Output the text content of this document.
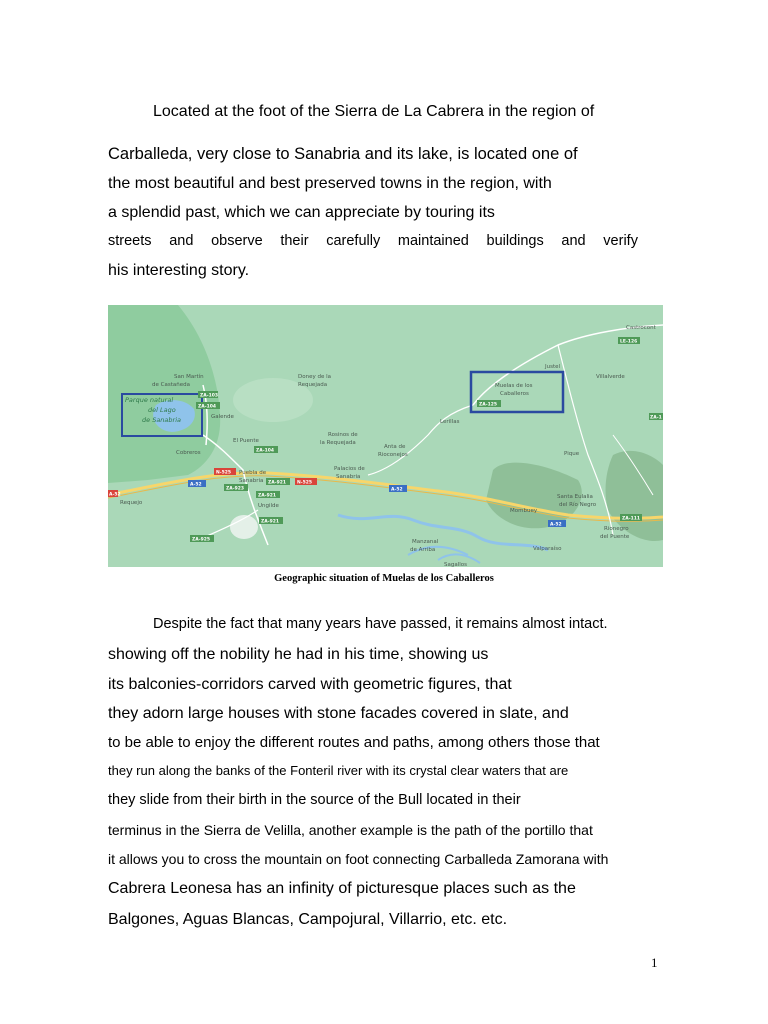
Located at the foot of the Sierra de La Cabrera in the region of
Carballeda, very close to Sanabria and its lake, is located one of
the most beautiful and best preserved towns in the region, with
a splendid past, which we can appreciate by touring its
streets and observe their carefully maintained buildings and verify
his interesting story.
San Martín
de Castañeda
Parque natural
del Lago
de Sanabria	Galende
El Puente
Cobreros
Puebla de
Sanabria
Requejo	Ungilde
Doney de la
Requejada
Rosinos de
la Requejada
Anta de
Rioconejos
Palacios de
Sanabria
Muelas de los
Caballeros
Justel
Villalverde
Castrocont
Lerillas
Pique
Santa Eulalia
del Río Negro
Rionegro
del Puente
Mombuey
Manzanal
de Arriba	Valparaíso
Sagallos
A-52
A-52
A-52
N-525
N-525
ZA-923
ZA-921
ZA-921
ZA-921
ZA-925
ZA-104
ZA-104
ZA-103
ZA-125
LE-126
ZA-111
A-52
ZA-1
Geographic situation of Muelas de los Caballeros
Despite the fact that many years have passed, it remains almost intact.
showing off the nobility he had in his time, showing us
its balconies-corridors carved with geometric figures, that
they adorn large houses with stone facades covered in slate, and
to be able to enjoy the different routes and paths, among others those that
they run along the banks of the Fonteril river with its crystal clear waters that are
they slide from their birth in the source of the Bull located in their
terminus in the Sierra de Velilla, another example is the path of the portillo that
it allows you to cross the mountain on foot connecting Carballeda Zamorana with
Cabrera Leonesa has an infinity of picturesque places such as the
Balgones, Aguas Blancas, Campojural, Villarrio, etc. etc.
1
